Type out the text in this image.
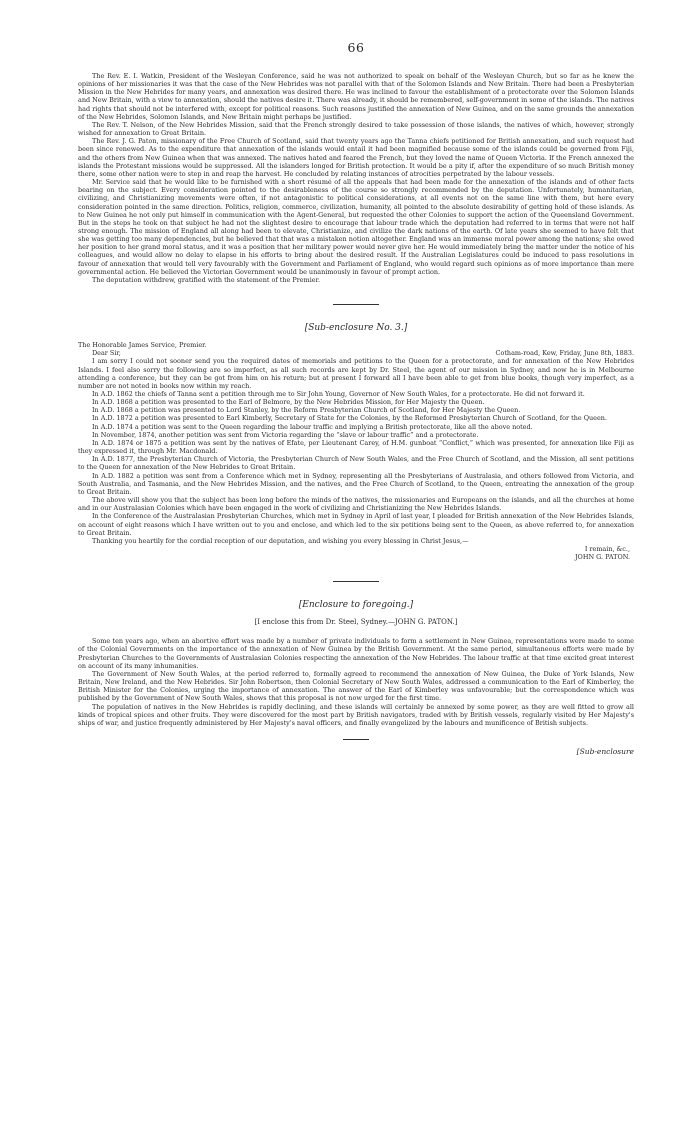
66

The Rev. E. I. Watkin, President of the Wesleyan Conference, said he was not authorized to speak on behalf of the Wesleyan Church, but so far as he knew the opinions of her missionaries it was that the case of the New Hebrides was not parallel with that of the Solomon Islands and New Britain. There had been a Presbyterian Mission in the New Hebrides for many years, and annexation was desired there. He was inclined to favour the establishment of a protectorate over the Solomon Islands and New Britain, with a view to annexation, should the natives desire it. There was already, it should be remembered, self-government in some of the islands. The natives had rights that should not be interfered with, except for political reasons. Such reasons justified the annexation of New Guinea, and on the same grounds the annexation of the New Hebrides, Solomon Islands, and New Britain might perhaps be justified.

The Rev. T. Nelson, of the New Hebrides Mission, said that the French strongly desired to take possession of those islands, the natives of which, however, strongly wished for annexation to Great Britain.

The Rev. J. G. Paton, missionary of the Free Church of Scotland, said that twenty years ago the Tanna chiefs petitioned for British annexation, and such request had been since renewed. As to the expenditure that annexation of the islands would entail it had been magnified because some of the islands could be governed from Fiji, and the others from New Guinea when that was annexed. The natives hated and feared the French, but they loved the name of Queen Victoria. If the French annexed the islands the Protestant missions would be suppressed. All the islanders longed for British protection. It would be a pity if, after the expenditure of so much British money there, some other nation were to step in and reap the harvest. He concluded by relating instances of atrocities perpetrated by the labour vessels.

Mr. Service said that he would like to be furnished with a short résumé of all the appeals that had been made for the annexation of the islands and of other facts bearing on the subject. Every consideration pointed to the desirableness of the course so strongly recommended by the deputation. Unfortunately, humanitarian, civilizing, and Christianizing movements were often, if not antagonistic to political considerations, at all events not on the same line with them, but here every consideration pointed in the same direction. Politics, religion, commerce, civilization, humanity, all pointed to the absolute desirability of getting hold of these islands. As to New Guinea he not only put himself in communication with the Agent-General, but requested the other Colonies to support the action of the Queensland Government. But in the steps he took on that subject he had not the slightest desire to encourage that labour trade which the deputation had referred to in terms that were not half strong enough. The mission of England all along had been to elevate, Christianize, and civilize the dark nations of the earth. Of late years she seemed to have felt that she was getting too many dependencies, but he believed that that was a mistaken notion altogether. England was an immense moral power among the nations; she owed her position to her grand moral status, and it was a position that her military power would never give her. He would immediately bring the matter under the notice of his colleagues, and would allow no delay to elapse in his efforts to bring about the desired result. If the Australian Legislatures could be induced to pass resolutions in favour of annexation that would tell very favourably with the Government and Parliament of England, who would regard such opinions as of more importance than mere governmental action. He believed the Victorian Government would be unanimously in favour of prompt action.

The deputation withdrew, gratified with the statement of the Premier.

[Sub-enclosure No. 3.]

The Honorable James Service, Premier.

Dear Sir,	Cotham-road, Kew, Friday, June 8th, 1883.

I am sorry I could not sooner send you the required dates of memorials and petitions to the Queen for a protectorate, and for annexation of the New Hebrides Islands. I feel also sorry the following are so imperfect, as all such records are kept by Dr. Steel, the agent of our mission in Sydney, and now he is in Melbourne attending a conference, but they can be got from him on his return; but at present I forward all I have been able to get from blue books, though very imperfect, as a number are not noted in books now within my reach.

In A.D. 1862 the chiefs of Tanna sent a petition through me to Sir John Young, Governor of New South Wales, for a protectorate. He did not forward it.

In A.D. 1868 a petition was presented to the Earl of Belmore, by the New Hebrides Mission, for Her Majesty the Queen.

In A.D. 1868 a petition was presented to Lord Stanley, by the Reform Presbyterian Church of Scotland, for Her Majesty the Queen.

In A.D. 1872 a petition was presented to Earl Kimberly, Secretary of State for the Colonies, by the Reformed Presbyterian Church of Scotland, for the Queen.

In A.D. 1874 a petition was sent to the Queen regarding the labour traffic and implying a British protectorate, like all the above noted.

In November, 1874, another petition was sent from Victoria regarding the “slave or labour traffic” and a protectorate.

In A.D. 1874 or 1875 a petition was sent by the natives of Efate, per Lieutenant Carey, of H.M. gunboat “Conflict,” which was presented, for annexation like Fiji as they expressed it, through Mr. Macdonald.

In A.D. 1877, the Presbyterian Church of Victoria, the Presbyterian Church of New South Wales, and the Free Church of Scotland, and the Mission, all sent petitions to the Queen for annexation of the New Hebrides to Great Britain.

In A.D. 1882 a petition was sent from a Conference which met in Sydney, representing all the Presbyterians of Australasia, and others followed from Victoria, and South Australia, and Tasmania, and the New Hebrides Mission, and the natives, and the Free Church of Scotland, to the Queen, entreating the annexation of the group to Great Britain.

The above will show you that the subject has been long before the minds of the natives, the missionaries and Europeans on the islands, and all the churches at home and in our Australasian Colonies which have been engaged in the work of civilizing and Christianizing the New Hebrides Islands.

In the Conference of the Australasian Presbyterian Churches, which met in Sydney in April of last year, I pleaded for British annexation of the New Hebrides Islands, on account of eight reasons which I have written out to you and enclose, and which led to the six petitions being sent to the Queen, as above referred to, for annexation to Great Britain.

Thanking you heartily for the cordial reception of our deputation, and wishing you every blessing in Christ Jesus,—

I remain, &c.,
JOHN G. PATON.
[Enclosure to foregoing.]
[I enclose this from Dr. Steel, Sydney.—JOHN G. PATON.]

Some ten years ago, when an abortive effort was made by a number of private individuals to form a settlement in New Guinea, representations were made to some of the Colonial Governments on the importance of the annexation of New Guinea by the British Government. At the same period, simultaneous efforts were made by Presbyterian Churches to the Governments of Australasian Colonies respecting the annexation of the New Hebrides. The labour traffic at that time excited great interest on account of its many inhumanities.

The Government of New South Wales, at the period referred to, formally agreed to recommend the annexation of New Guinea, the Duke of York Islands, New Britain, New Ireland, and the New Hebrides. Sir John Robertson, then Colonial Secretary of New South Wales, addressed a communication to the Earl of Kimberley, the British Minister for the Colonies, urging the importance of annexation. The answer of the Earl of Kimberley was unfavourable; but the correspondence which was published by the Government of New South Wales, shows that this proposal is not now urged for the first time.

The population of natives in the New Hebrides is rapidly declining, and these islands will certainly be annexed by some power, as they are well fitted to grow all kinds of tropical spices and other fruits. They were discovered for the most part by British navigators, traded with by British vessels, regularly visited by Her Majesty's ships of war, and justice frequently administered by Her Majesty's naval officers, and finally evangelized by the labours and munificence of British subjects.

[Sub-enclosure
